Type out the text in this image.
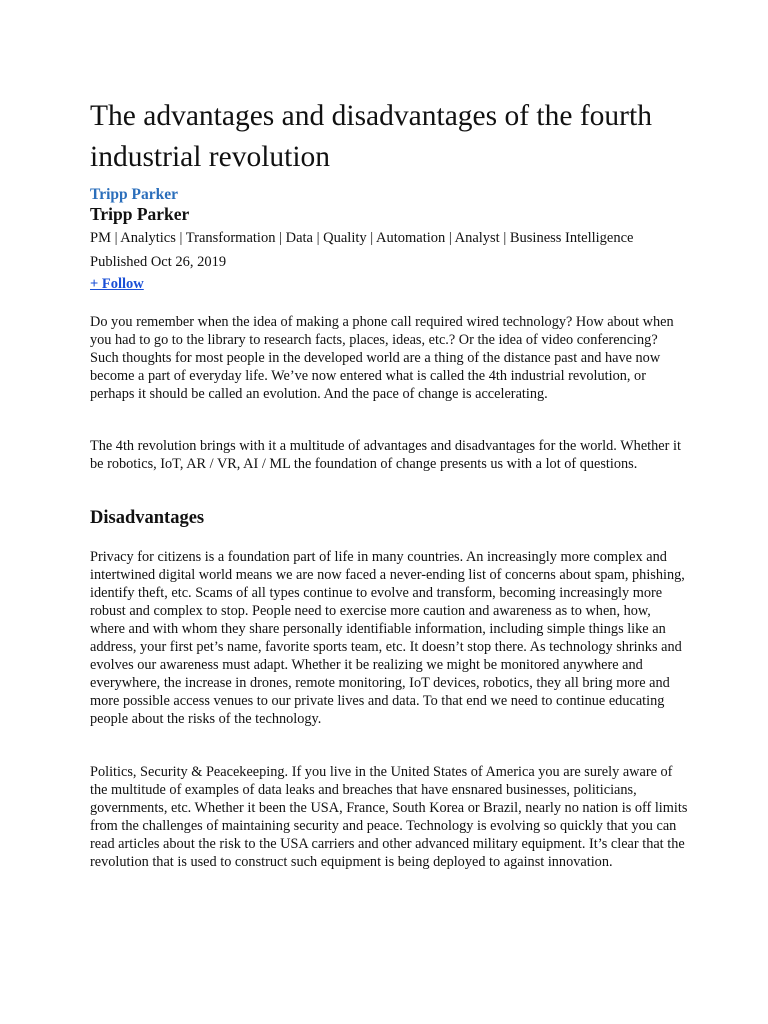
The advantages and disadvantages of the fourth industrial revolution
Tripp Parker
Tripp Parker
PM | Analytics | Transformation | Data | Quality | Automation | Analyst | Business Intelligence
Published Oct 26, 2019
+ Follow

Do you remember when the idea of making a phone call required wired technology? How about when you had to go to the library to research facts, places, ideas, etc.? Or the idea of video conferencing? Such thoughts for most people in the developed world are a thing of the distance past and have now become a part of everyday life. We’ve now entered what is called the 4th industrial revolution, or perhaps it should be called an evolution. And the pace of change is accelerating.

The 4th revolution brings with it a multitude of advantages and disadvantages for the world. Whether it be robotics, IoT, AR / VR, AI / ML the foundation of change presents us with a lot of questions.

Disadvantages

Privacy for citizens is a foundation part of life in many countries. An increasingly more complex and intertwined digital world means we are now faced a never-ending list of concerns about spam, phishing, identify theft, etc. Scams of all types continue to evolve and transform, becoming increasingly more robust and complex to stop. People need to exercise more caution and awareness as to when, how, where and with whom they share personally identifiable information, including simple things like an address, your first pet’s name, favorite sports team, etc. It doesn’t stop there. As technology shrinks and evolves our awareness must adapt. Whether it be realizing we might be monitored anywhere and everywhere, the increase in drones, remote monitoring, IoT devices, robotics, they all bring more and more possible access venues to our private lives and data. To that end we need to continue educating people about the risks of the technology.

Politics, Security & Peacekeeping. If you live in the United States of America you are surely aware of the multitude of examples of data leaks and breaches that have ensnared businesses, politicians, governments, etc. Whether it been the USA, France, South Korea or Brazil, nearly no nation is off limits from the challenges of maintaining security and peace. Technology is evolving so quickly that you can read articles about the risk to the USA carriers and other advanced military equipment. It’s clear that the revolution that is used to construct such equipment is being deployed to against innovation.
